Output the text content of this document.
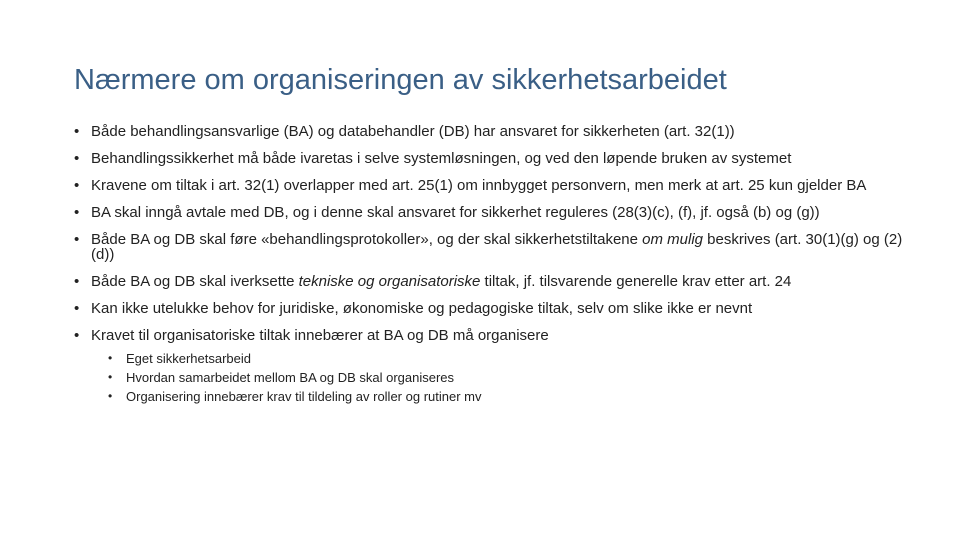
Nærmere om organiseringen av sikkerhetsarbeidet
• Både behandlingsansvarlige (BA) og databehandler (DB) har ansvaret for sikkerheten (art. 32(1))
• Behandlingssikkerhet må både ivaretas i selve systemløsningen, og ved den løpende bruken av systemet
• Kravene om tiltak i art. 32(1) overlapper med art. 25(1) om innbygget personvern, men merk at art. 25 kun gjelder BA
• BA skal inngå avtale med DB, og i denne skal ansvaret for sikkerhet reguleres (28(3)(c), (f), jf. også (b) og (g))
• Både BA og DB skal føre «behandlingsprotokoller», og der skal sikkerhetstiltakene om mulig beskrives (art. 30(1)(g) og (2)(d))
• Både BA og DB skal iverksette tekniske og organisatoriske tiltak, jf. tilsvarende generelle krav etter art. 24
• Kan ikke utelukke behov for juridiske, økonomiske og pedagogiske tiltak, selv om slike ikke er nevnt
• Kravet til organisatoriske tiltak innebærer at BA og DB må organisere
• Eget sikkerhetsarbeid
• Hvordan samarbeidet mellom BA og DB skal organiseres
• Organisering innebærer krav til tildeling av roller og rutiner mv
